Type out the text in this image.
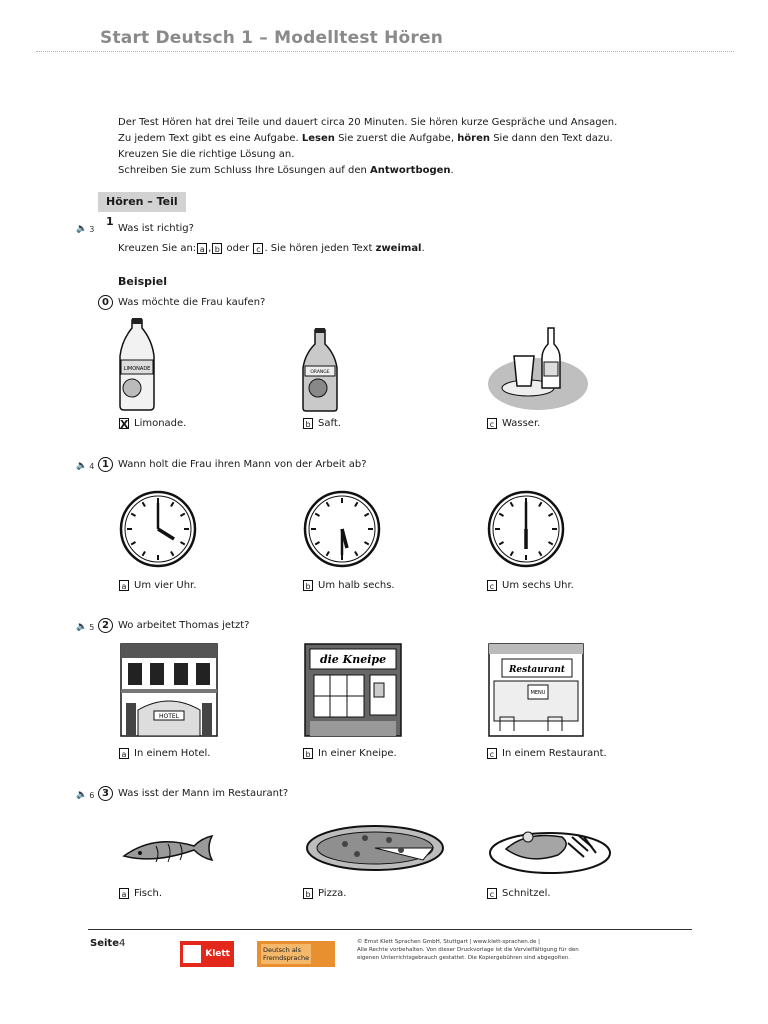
Start Deutsch 1 – Modelltest Hören
Der Test Hören hat drei Teile und dauert circa 20 Minuten. Sie hören kurze Gespräche und Ansagen.
Zu jedem Text gibt es eine Aufgabe. Lesen Sie zuerst die Aufgabe, hören Sie dann den Text dazu.
Kreuzen Sie die richtige Lösung an.
Schreiben Sie zum Schluss Ihre Lösungen auf den Antwortbogen.
Hören – Teil 1
🔈 3 Was ist richtig?
Kreuzen Sie an: a , b oder c . Sie hören jeden Text zweimal .
Beispiel
0 Was möchte die Frau kaufen?
LIMONADE
ORANGE
X Limonade.	b Saft.	c Wasser.
🔈 4 1 Wann holt die Frau ihren Mann von der Arbeit ab?
a Um vier Uhr.	b Um halb sechs.	c Um sechs Uhr.
🔈 5 2 Wo arbeitet Thomas jetzt?
HOTEL
die Kneipe
Restaurant
MENU
a In einem Hotel.	b In einer Kneipe.	c In einem Restaurant.
🔈 6 3 Was isst der Mann im Restaurant?
a Fisch.	b Pizza.	c Schnitzel.
Seite4
Klett	Deutsch als
Fremdsprache
© Ernst Klett Sprachen GmbH, Stuttgart | www.klett-sprachen.de |
Alle Rechte vorbehalten. Von dieser Druckvorlage ist die Vervielfältigung für den
eigenen Unterrichtsgebrauch gestattet. Die Kopiergebühren sind abgegolten.
